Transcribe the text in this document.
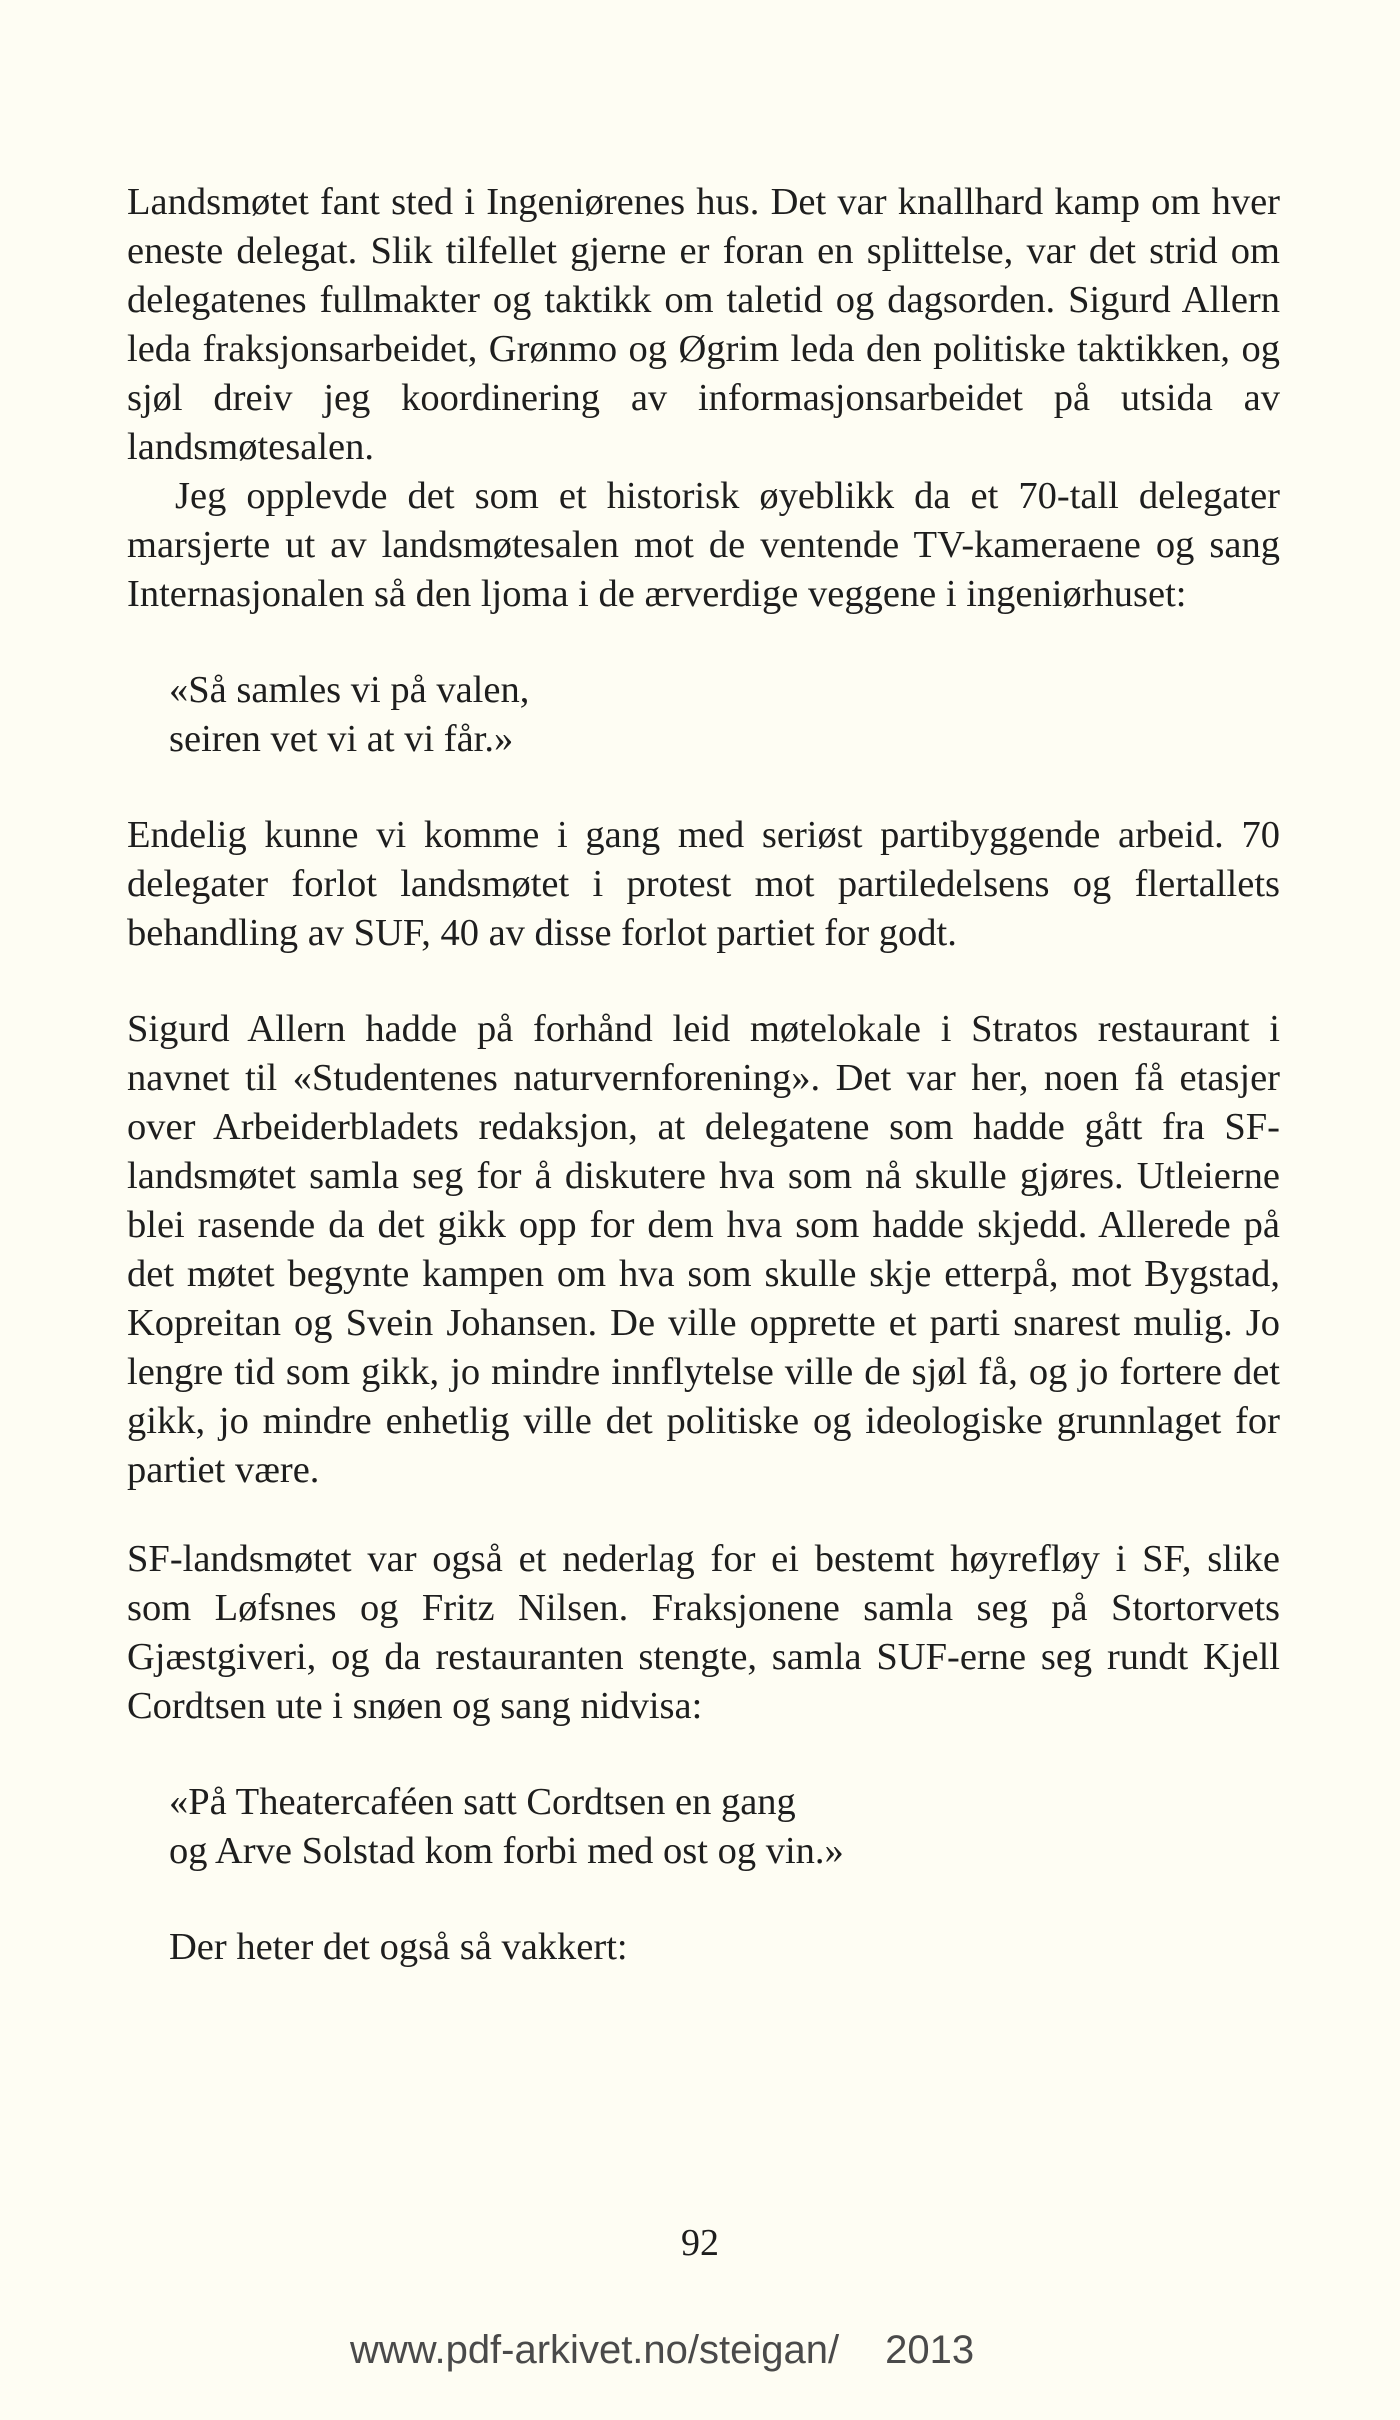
Landsmøtet fant sted i Ingeniørenes hus. Det var knallhard kamp om hver eneste delegat. Slik tilfellet gjerne er foran en splittelse, var det strid om delegatenes fullmakter og taktikk om taletid og dagsorden. Sigurd Allern leda fraksjonsarbeidet, Grønmo og Øgrim leda den politiske taktikken, og sjøl dreiv jeg koordinering av informasjonsarbeidet på utsida av landsmøtesalen.

Jeg opplevde det som et historisk øyeblikk da et 70-tall delegater marsjerte ut av landsmøtesalen mot de ventende TV-kameraene og sang Internasjonalen så den ljoma i de ærverdige veggene i ingeniørhuset:

«Så samles vi på valen,
seiren vet vi at vi får.»

Endelig kunne vi komme i gang med seriøst partibyggende arbeid. 70 delegater forlot landsmøtet i protest mot partiledelsens og flertallets behandling av SUF, 40 av disse forlot partiet for godt.

Sigurd Allern hadde på forhånd leid møtelokale i Stratos restaurant i navnet til «Studentenes naturvernforening». Det var her, noen få etasjer over Arbeiderbladets redaksjon, at delegatene som hadde gått fra SF-landsmøtet samla seg for å diskutere hva som nå skulle gjøres. Utleierne blei rasende da det gikk opp for dem hva som hadde skjedd. Allerede på det møtet begynte kampen om hva som skulle skje etterpå, mot Bygstad, Kopreitan og Svein Johansen. De ville opprette et parti snarest mulig. Jo lengre tid som gikk, jo mindre innflytelse ville de sjøl få, og jo fortere det gikk, jo mindre enhetlig ville det politiske og ideologiske grunnlaget for partiet være.

SF-landsmøtet var også et nederlag for ei bestemt høyrefløy i SF, slike som Løfsnes og Fritz Nilsen. Fraksjonene samla seg på Stortorvets Gjæstgiveri, og da restauranten stengte, samla SUF-erne seg rundt Kjell Cordtsen ute i snøen og sang nidvisa:

«På Theatercaféen satt Cordtsen en gang
og Arve Solstad kom forbi med ost og vin.»

Der heter det også så vakkert:

92
www.pdf-arkivet.no/steigan/ 2013
